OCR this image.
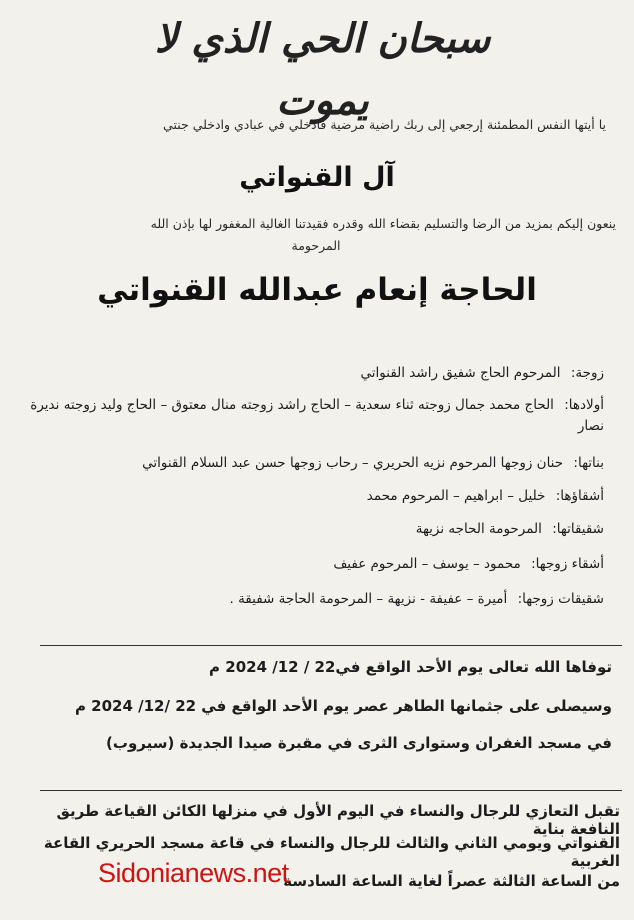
سبحان الحي الذي لا يموت
يا أيتها النفس المطمئنة إرجعي إلى ربك راضية مرضية فادخلي في عبادي وادخلي جنتي
آل القنواتي
ينعون إليكم بمزيد من الرضا والتسليم بقضاء الله وقدره فقيدتنا الغالية المغفور لها بإذن الله
المرحومة
الحاجة إنعام عبدالله القنواتي
زوجة: المرحوم الحاج شفيق راشد القنواتي
أولادها: الحاج محمد جمال زوجته ثناء سعدية – الحاج راشد زوجته منال معتوق – الحاج وليد زوجته نديرة نصار
بناتها: حنان زوجها المرحوم نزيه الحريري – رحاب زوجها حسن عبد السلام القنواتي
أشقاؤها: خليل – ابراهيم – المرحوم محمد
شقيقاتها: المرحومة الحاجه نزيهة
أشقاء زوجها: محمود – يوسف – المرحوم عفيف
شقيقات زوجها: أميرة – عفيفة - نزيهة – المرحومة الحاجة شفيقة .
توفاها الله تعالى يوم الأحد الواقع في22 / 12/ 2024 م
وسيصلى على جثمانها الطاهر عصر يوم الأحد الواقع في 22 /12/ 2024 م
في مسجد الغفران وستوارى الثرى في مقبرة صيدا الجديدة (سيروب)
تقبل التعازي للرجال والنساء في اليوم الأول في منزلها الكائن القياعة طريق النافعة بناية
القنواتي ويومي الثاني والثالث للرجال والنساء في قاعة مسجد الحريري القاعة الغربية
من الساعة الثالثة عصراً لغاية الساعة السادسة
Sidonianews.net
